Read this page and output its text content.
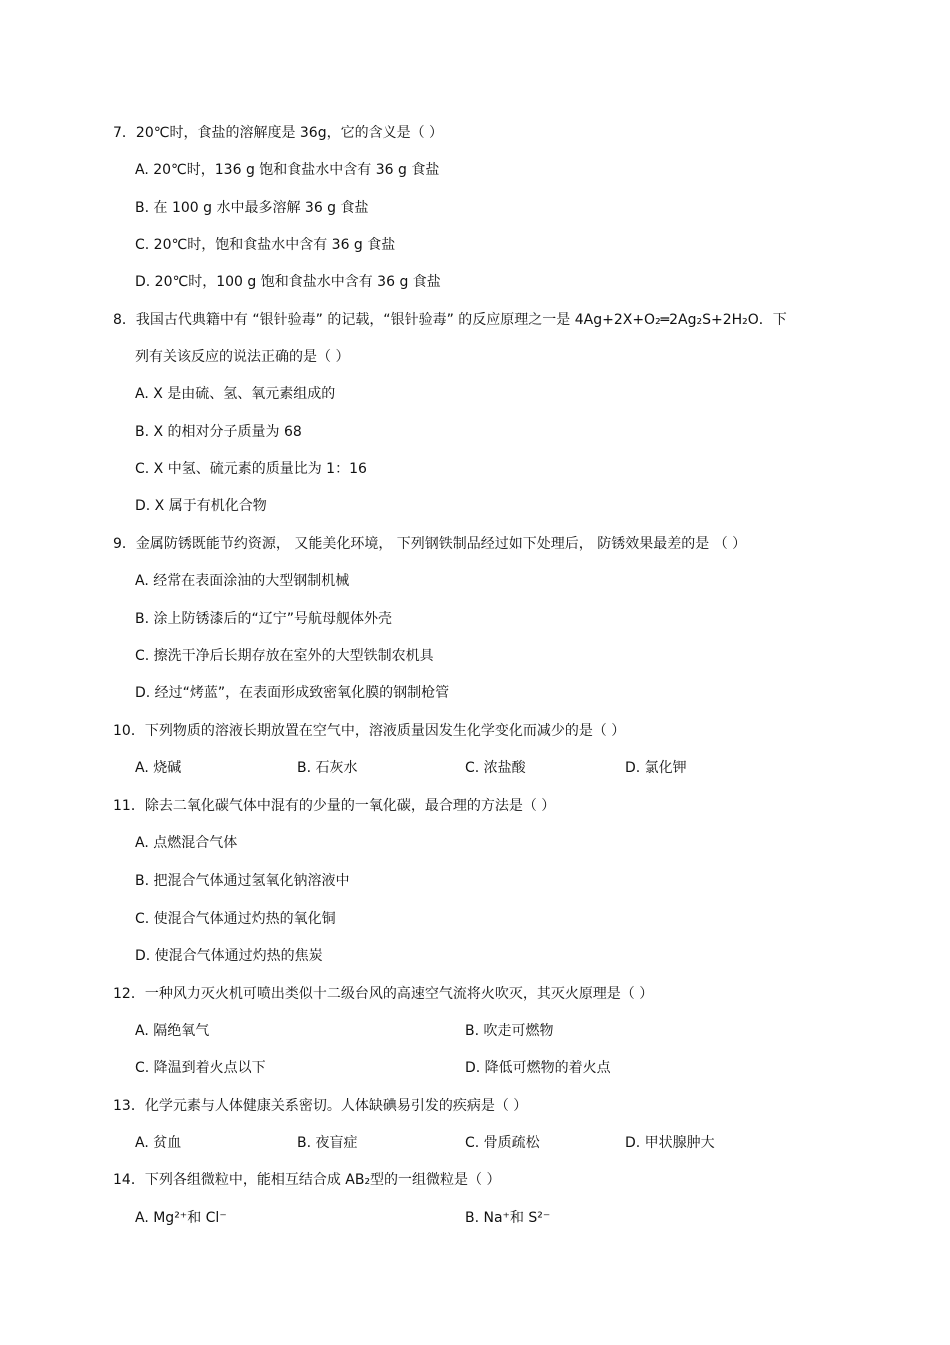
7．20℃时，食盐的溶解度是 36g，它的含义是（ ）
A. 20℃时，136 g 饱和食盐水中含有 36 g 食盐
B. 在 100 g 水中最多溶解 36 g 食盐
C. 20℃时，饱和食盐水中含有 36 g 食盐
D. 20℃时，100 g 饱和食盐水中含有 36 g 食盐
8．我国古代典籍中有 “银针验毒” 的记载，“银针验毒” 的反应原理之一是 4Ag+2X+O₂═2Ag₂S+2H₂O．下
列有关该反应的说法正确的是（ ）
A. X 是由硫、氢、氧元素组成的
B. X 的相对分子质量为 68
C. X 中氢、硫元素的质量比为 1：16
D. X 属于有机化合物
9．金属防锈既能节约资源， 又能美化环境， 下列钢铁制品经过如下处理后， 防锈效果最差的是 （ ）
A. 经常在表面涂油的大型钢制机械
B. 涂上防锈漆后的“辽宁”号航母舰体外壳
C. 擦洗干净后长期存放在室外的大型铁制农机具
D. 经过“烤蓝”，在表面形成致密氧化膜的钢制枪管
10．下列物质的溶液长期放置在空气中，溶液质量因发生化学变化而减少的是（ ）
A. 烧碱	B. 石灰水	C. 浓盐酸	D. 氯化钾
11．除去二氧化碳气体中混有的少量的一氧化碳，最合理的方法是（ ）
A. 点燃混合气体
B. 把混合气体通过氢氧化钠溶液中
C. 使混合气体通过灼热的氧化铜
D. 使混合气体通过灼热的焦炭
12．一种风力灭火机可喷出类似十二级台风的高速空气流将火吹灭，其灭火原理是（ ）
A. 隔绝氧气	B. 吹走可燃物
C. 降温到着火点以下	D. 降低可燃物的着火点
13．化学元素与人体健康关系密切。人体缺碘易引发的疾病是（ ）
A. 贫血	B. 夜盲症	C. 骨质疏松	D. 甲状腺肿大
14．下列各组微粒中，能相互结合成 AB₂型的一组微粒是（ ）
A. Mg²⁺和 Cl⁻	B. Na⁺和 S²⁻
